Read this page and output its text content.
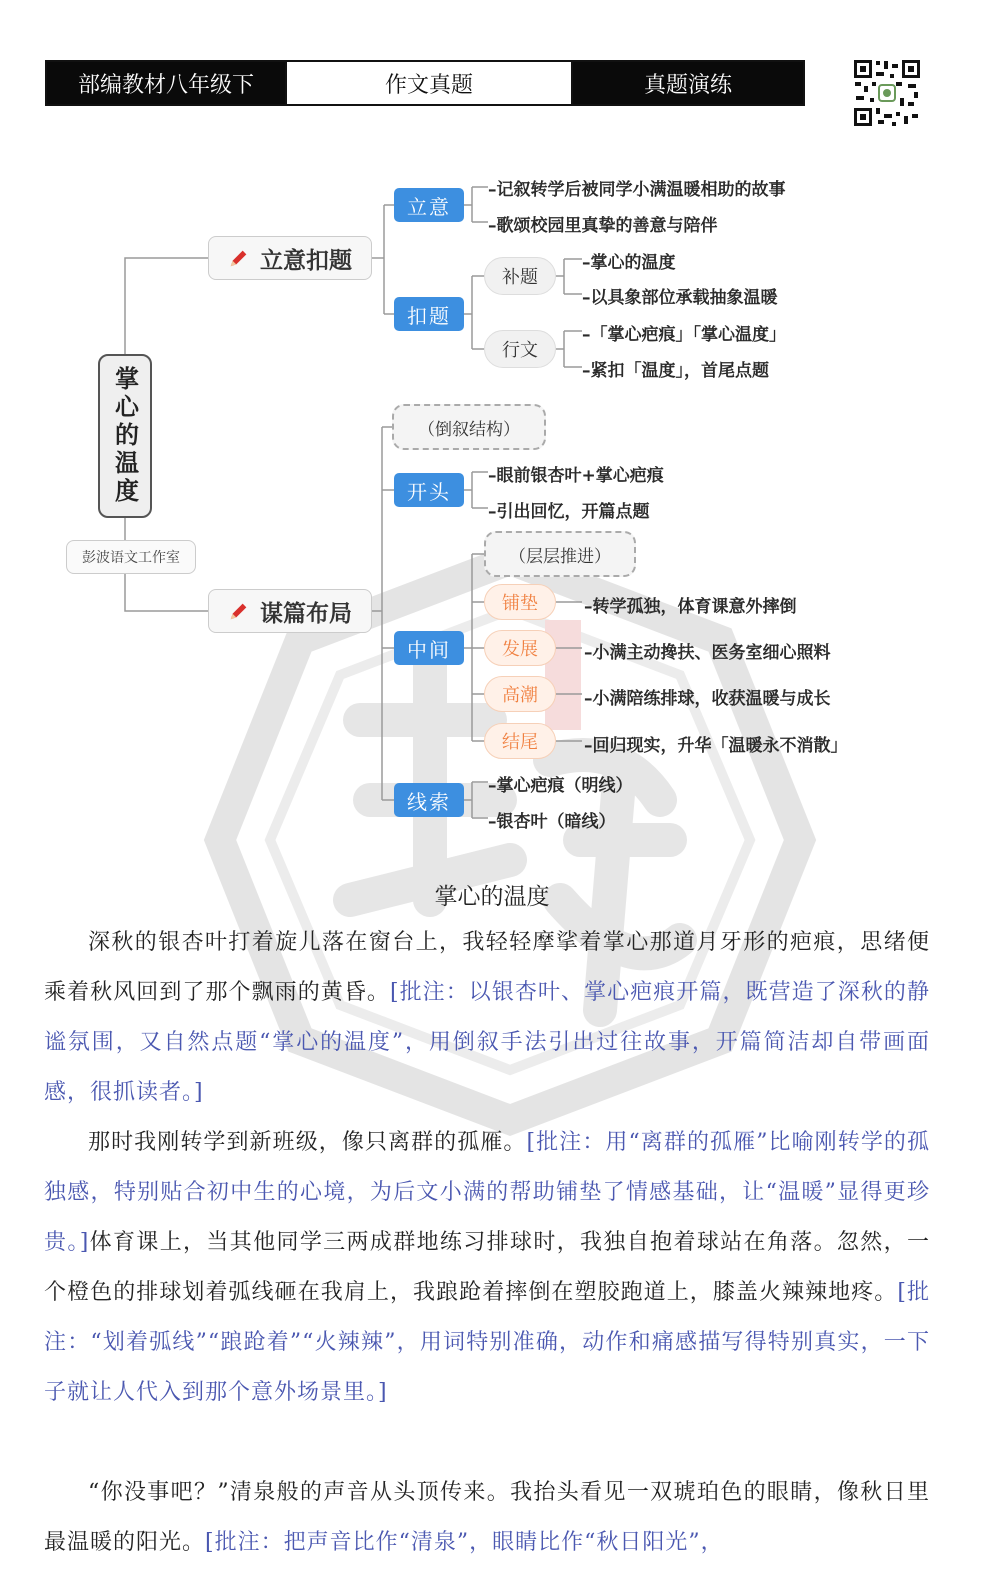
部编教材八年级下	作文真题	真题演练
掌心的温度
彭波语文工作室
立意扣题
谋篇布局
立意
–记叙转学后被同学小满温暖相助的故事
–歌颂校园里真挚的善意与陪伴
扣题
补题
–掌心的温度
–以具象部位承载抽象温暖
行文
–「掌心疤痕」「掌心温度」
–紧扣「温度」，首尾点题
（倒叙结构）
开头
–眼前银杏叶+掌心疤痕
–引出回忆，开篇点题
（层层推进）
中间
铺垫	–转学孤独，体育课意外摔倒
发展	–小满主动搀扶、医务室细心照料
高潮	–小满陪练排球，收获温暖与成长
结尾	–回归现实，升华「温暖永不消散」
线索
–掌心疤痕（明线）
–银杏叶（暗线）
掌心的温度
深秋的银杏叶打着旋儿落在窗台上，我轻轻摩挲着掌心那道月牙形的疤痕，思绪便乘着秋风回到了那个飘雨的黄昏。[批注：以银杏叶、掌心疤痕开篇，既营造了深秋的静谧氛围，又自然点题“掌心的温度”，用倒叙手法引出过往故事，开篇简洁却自带画面感，很抓读者。]
那时我刚转学到新班级，像只离群的孤雁。[批注：用“离群的孤雁”比喻刚转学的孤独感，特别贴合初中生的心境，为后文小满的帮助铺垫了情感基础，让“温暖”显得更珍贵。]体育课上，当其他同学三两成群地练习排球时，我独自抱着球站在角落。忽然，一个橙色的排球划着弧线砸在我肩上，我踉跄着摔倒在塑胶跑道上，膝盖火辣辣地疼。[批注：“划着弧线”“踉跄着”“火辣辣”，用词特别准确，动作和痛感描写得特别真实，一下子就让人代入到那个意外场景里。]
“你没事吧？”清泉般的声音从头顶传来。我抬头看见一双琥珀色的眼睛，像秋日里最温暖的阳光。[批注：把声音比作“清泉”，眼睛比作“秋日阳光”，
